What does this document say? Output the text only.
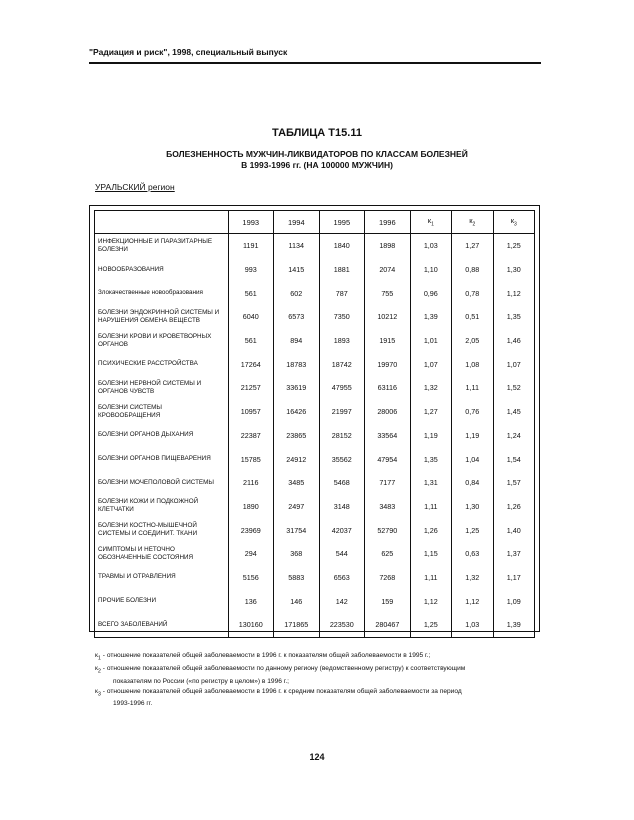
"Радиация и риск", 1998, специальный выпуск
ТАБЛИЦА Т15.11
БОЛЕЗНЕННОСТЬ МУЖЧИН-ЛИКВИДАТОРОВ ПО КЛАССАМ БОЛЕЗНЕЙ
В 1993-1996 гг. (НА 100000 МУЖЧИН)
УРАЛЬСКИЙ регион
	1993	1994	1995	1996	$к_1$	$к_2$	$к_3$
ИНФЕКЦИОННЫЕ И ПАРАЗИТАРНЫЕ БОЛЕЗНИ	1191	1134	1840	1898	1,03	1,27	1,25
НОВООБРАЗОВАНИЯ	993	1415	1881	2074	1,10	0,88	1,30
Злокачественные новообразования	561	602	787	755	0,96	0,78	1,12
БОЛЕЗНИ ЭНДОКРИННОЙ СИСТЕМЫ И НАРУШЕНИЯ ОБМЕНА ВЕЩЕСТВ	6040	6573	7350	10212	1,39	0,51	1,35
БОЛЕЗНИ КРОВИ И КРОВЕТВОРНЫХ ОРГАНОВ	561	894	1893	1915	1,01	2,05	1,46
ПСИХИЧЕСКИЕ РАССТРОЙСТВА	17264	18783	18742	19970	1,07	1,08	1,07
БОЛЕЗНИ НЕРВНОЙ СИСТЕМЫ И ОРГАНОВ ЧУВСТВ	21257	33619	47955	63116	1,32	1,11	1,52
БОЛЕЗНИ СИСТЕМЫ КРОВООБРАЩЕНИЯ	10957	16426	21997	28006	1,27	0,76	1,45
БОЛЕЗНИ ОРГАНОВ ДЫХАНИЯ	22387	23865	28152	33564	1,19	1,19	1,24
БОЛЕЗНИ ОРГАНОВ ПИЩЕВАРЕНИЯ	15785	24912	35562	47954	1,35	1,04	1,54
БОЛЕЗНИ МОЧЕПОЛОВОЙ СИСТЕМЫ	2116	3485	5468	7177	1,31	0,84	1,57
БОЛЕЗНИ КОЖИ И ПОДКОЖНОЙ КЛЕТЧАТКИ	1890	2497	3148	3483	1,11	1,30	1,26
БОЛЕЗНИ КОСТНО-МЫШЕЧНОЙ СИСТЕМЫ И СОЕДИНИТ. ТКАНИ	23969	31754	42037	52790	1,26	1,25	1,40
СИМПТОМЫ И НЕТОЧНО ОБОЗНАЧЕННЫЕ СОСТОЯНИЯ	294	368	544	625	1,15	0,63	1,37
ТРАВМЫ И ОТРАВЛЕНИЯ	5156	5883	6563	7268	1,11	1,32	1,17
ПРОЧИЕ БОЛЕЗНИ	136	146	142	159	1,12	1,12	1,09
ВСЕГО ЗАБОЛЕВАНИЙ	130160	171865	223530	280467	1,25	1,03	1,39
$к_1$ - отношение показателей общей заболеваемости в 1996 г. к показателям общей заболеваемости в 1995 г.;
$к_2$ - отношение показателей общей заболеваемости по данному региону (ведомственному регистру) к соответствующим
показателям по России («по регистру в целом») в 1996 г.;
$к_3$ - отношение показателей общей заболеваемости в 1996 г. к средним показателям общей заболеваемости за период
1993-1996 гг.
124
